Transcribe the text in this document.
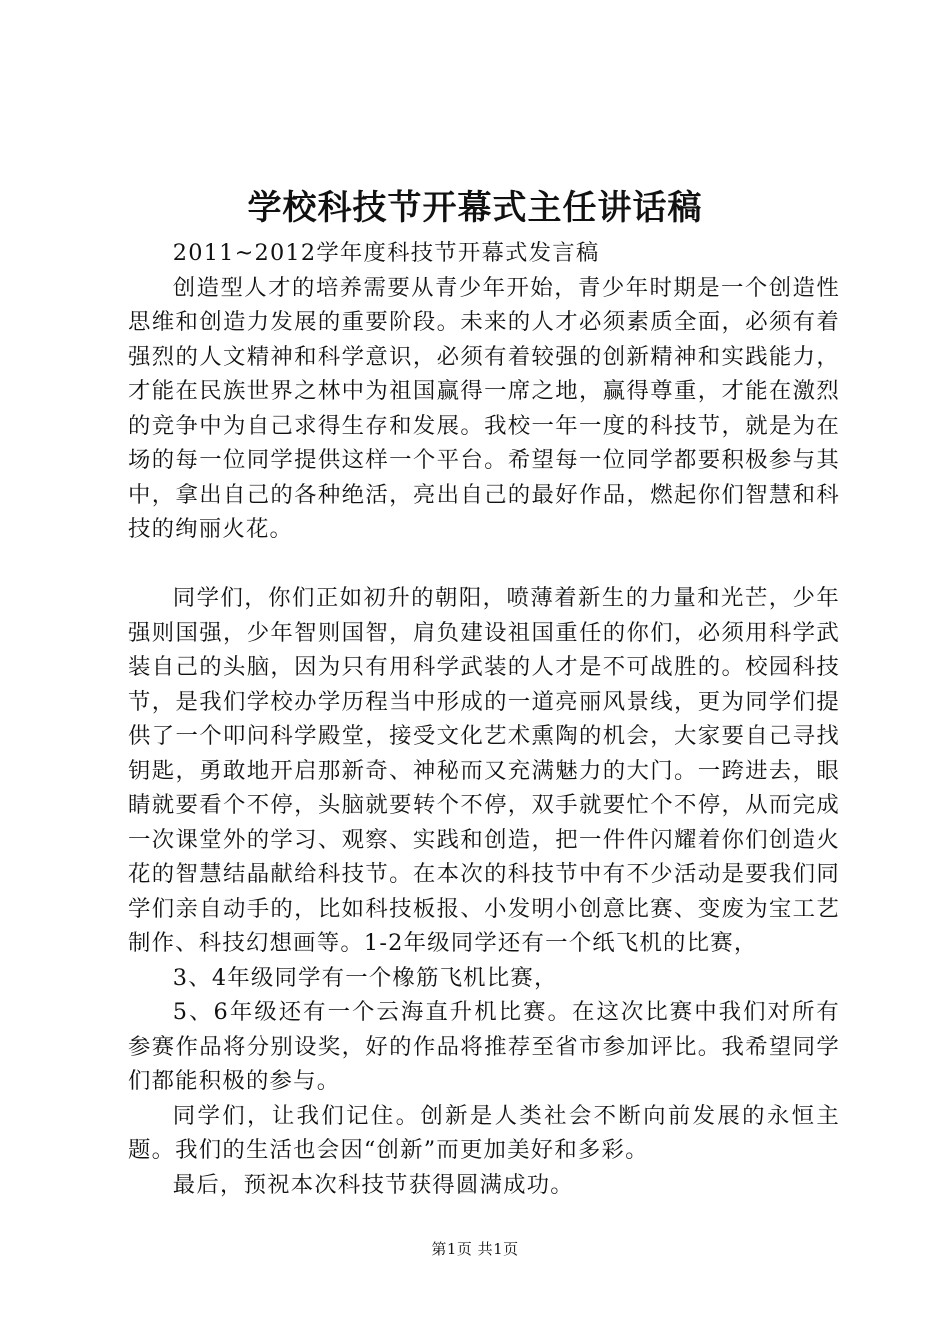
学校科技节开幕式主任讲话稿

2011~2012学年度科技节开幕式发言稿

创造型人才的培养需要从青少年开始，青少年时期是一个创造性思维和创造力发展的重要阶段。未来的人才必须素质全面，必须有着强烈的人文精神和科学意识，必须有着较强的创新精神和实践能力，才能在民族世界之林中为祖国赢得一席之地，赢得尊重，才能在激烈的竞争中为自己求得生存和发展。我校一年一度的科技节，就是为在场的每一位同学提供这样一个平台。希望每一位同学都要积极参与其中，拿出自己的各种绝活，亮出自己的最好作品，燃起你们智慧和科技的绚丽火花。

同学们，你们正如初升的朝阳，喷薄着新生的力量和光芒，少年强则国强，少年智则国智，肩负建设祖国重任的你们，必须用科学武装自己的头脑，因为只有用科学武装的人才是不可战胜的。校园科技节，是我们学校办学历程当中形成的一道亮丽风景线，更为同学们提供了一个叩问科学殿堂，接受文化艺术熏陶的机会，大家要自己寻找钥匙，勇敢地开启那新奇、神秘而又充满魅力的大门。一跨进去，眼睛就要看个不停，头脑就要转个不停，双手就要忙个不停，从而完成一次课堂外的学习、观察、实践和创造，把一件件闪耀着你们创造火花的智慧结晶献给科技节。在本次的科技节中有不少活动是要我们同学们亲自动手的，比如科技板报、小发明小创意比赛、变废为宝工艺制作、科技幻想画等。1-2年级同学还有一个纸飞机的比赛，

3、4年级同学有一个橡筋飞机比赛，

5、6年级还有一个云海直升机比赛。在这次比赛中我们对所有参赛作品将分别设奖，好的作品将推荐至省市参加评比。我希望同学们都能积极的参与。

同学们，让我们记住。创新是人类社会不断向前发展的永恒主题。我们的生活也会因“创新”而更加美好和多彩。

最后，预祝本次科技节获得圆满成功。

第1页 共1页
